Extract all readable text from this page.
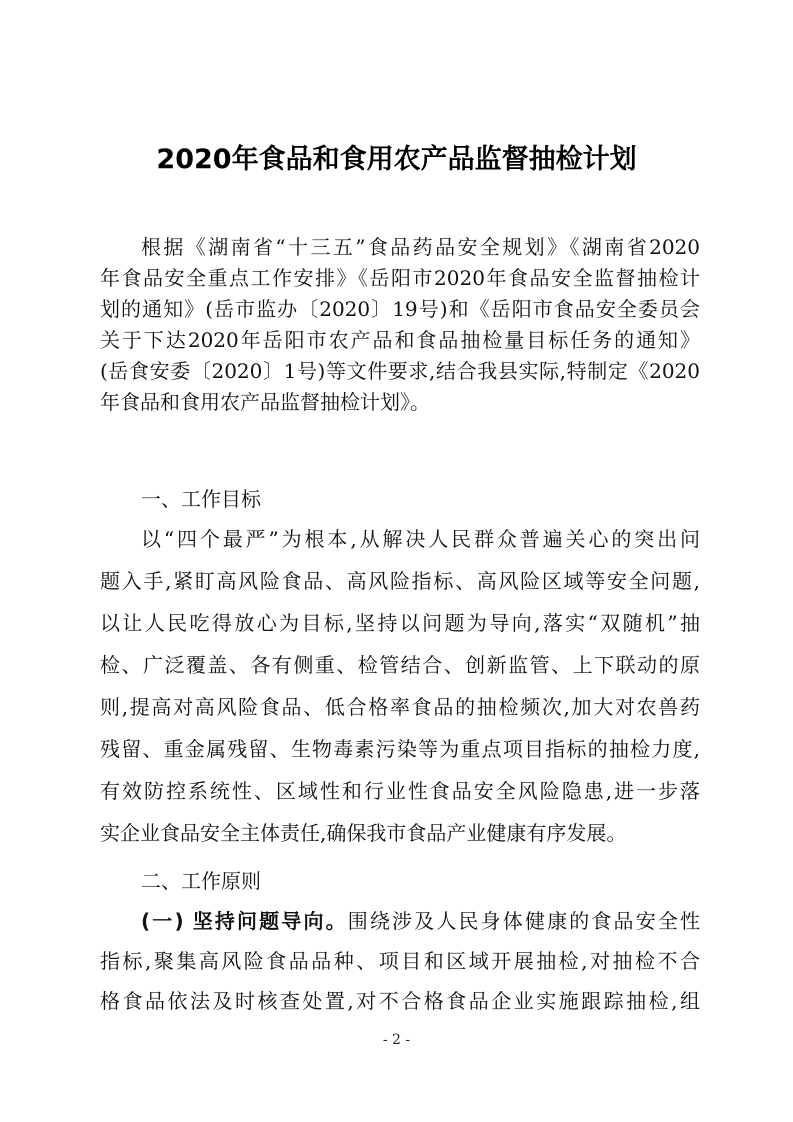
2020年食品和食用农产品监督抽检计划
根据《湖南省“十三五”食品药品安全规划》《湖南省2020
年食品安全重点工作安排》《岳阳市2020年食品安全监督抽检计
划的通知》(岳市监办〔2020〕19号)和《岳阳市食品安全委员会
关于下达2020年岳阳市农产品和食品抽检量目标任务的通知》
(岳食安委〔2020〕1号)等文件要求,结合我县实际,特制定《2020
年食品和食用农产品监督抽检计划》。
一、工作目标
以“四个最严”为根本,从解决人民群众普遍关心的突出问
题入手,紧盯高风险食品、高风险指标、高风险区域等安全问题,
以让人民吃得放心为目标,坚持以问题为导向,落实“双随机”抽
检、广泛覆盖、各有侧重、检管结合、创新监管、上下联动的原
则,提高对高风险食品、低合格率食品的抽检频次,加大对农兽药
残留、重金属残留、生物毒素污染等为重点项目指标的抽检力度,
有效防控系统性、区域性和行业性食品安全风险隐患,进一步落
实企业食品安全主体责任,确保我市食品产业健康有序发展。
二、工作原则
(一) 坚持问题导向。围绕涉及人民身体健康的食品安全性
指标,聚集高风险食品品种、项目和区域开展抽检,对抽检不合
格食品依法及时核查处置,对不合格食品企业实施跟踪抽检,组
- 2 -
